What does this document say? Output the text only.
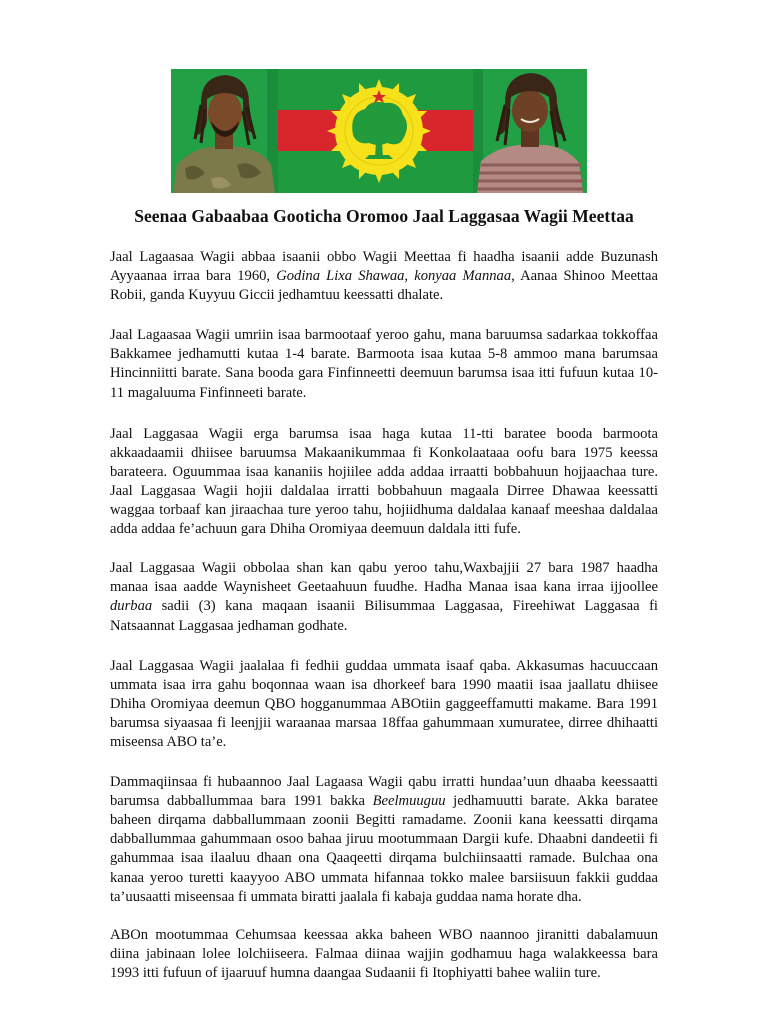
Seenaa Gabaabaa Gooticha Oromoo Jaal Laggasaa Wagii Meettaa

Jaal Lagaasaa Wagii abbaa isaanii obbo Wagii Meettaa fi haadha isaanii adde Buzunash Ayyaanaa irraa bara 1960, Godina Lixa Shawaa, konyaa Mannaa, Aanaa Shinoo Meettaa Robii, ganda Kuyyuu Giccii jedhamtuu keessatti dhalate.

Jaal Lagaasaa Wagii umriin isaa barmootaaf yeroo gahu, mana baruumsa sadarkaa tokkoffaa Bakkamee jedhamutti kutaa 1-4 barate. Barmoota isaa kutaa 5-8 ammoo mana barumsaa Hincinniitti barate. Sana booda gara Finfinneetti deemuun barumsa isaa itti fufuun kutaa 10-11 magaluuma Finfinneeti barate.

Jaal Laggasaa Wagii erga barumsa isaa haga kutaa 11-tti baratee booda barmoota akkaadaamii dhiisee baruumsa Makaanikummaa fi Konkolaataaa oofu bara 1975 keessa barateera. Oguummaa isaa kananiis hojiilee adda addaa irraatti bobbahuun hojjaachaa ture. Jaal Laggasaa Wagii hojii daldalaa irratti bobbahuun magaala Dirree Dhawaa keessatti waggaa torbaaf kan jiraachaa ture yeroo tahu, hojiidhuma daldalaa kanaaf meeshaa daldalaa adda addaa fe’achuun gara Dhiha Oromiyaa deemuun daldala itti fufe.

Jaal Laggasaa Wagii obbolaa shan kan qabu yeroo tahu,Waxbajjii 27 bara 1987 haadha manaa isaa aadde Waynisheet Geetaahuun fuudhe. Hadha Manaa isaa kana irraa ijjoollee durbaa sadii (3) kana maqaan isaanii Bilisummaa Laggasaa, Fireehiwat Laggasaa fi Natsaannat Laggasaa jedhaman godhate.

Jaal Laggasaa Wagii jaalalaa fi fedhii guddaa ummata isaaf qaba. Akkasumas hacuuccaan ummata isaa irra gahu boqonnaa waan isa dhorkeef bara 1990 maatii isaa jaallatu dhiisee Dhiha Oromiyaa deemun QBO hogganummaa ABOtiin gaggeeffamutti makame. Bara 1991 barumsa siyaasaa fi leenjjii waraanaa marsaa 18ffaa gahummaan xumuratee, dirree dhihaatti miseensa ABO ta’e.

Dammaqiinsaa fi hubaannoo Jaal Lagaasa Wagii qabu irratti hundaa’uun dhaaba keessaatti barumsa dabballummaa bara 1991 bakka Beelmuuguu jedhamuutti barate. Akka baratee baheen dirqama dabballummaan zoonii Begitti ramadame. Zoonii kana keessatti dirqama dabballummaa gahummaan osoo bahaa jiruu mootummaan Dargii kufe. Dhaabni dandeetii fi gahummaa isaa ilaaluu dhaan ona Qaaqeetti dirqama bulchiinsaatti ramade. Bulchaa ona kanaa yeroo turetti kaayyoo ABO ummata hifannaa tokko malee barsiisuun fakkii guddaa ta’uusaatti miseensaa fi ummata biratti jaalala fi kabaja guddaa nama horate dha.

ABOn mootummaa Cehumsaa keessaa akka baheen WBO naannoo jiranitti dabalamuun diina jabinaan lolee lolchiiseera. Falmaa diinaa wajjin godhamuu haga walakkeessa bara 1993 itti fufuun of ijaaruuf humna daangaa Sudaanii fi Itophiyatti bahee waliin ture.
